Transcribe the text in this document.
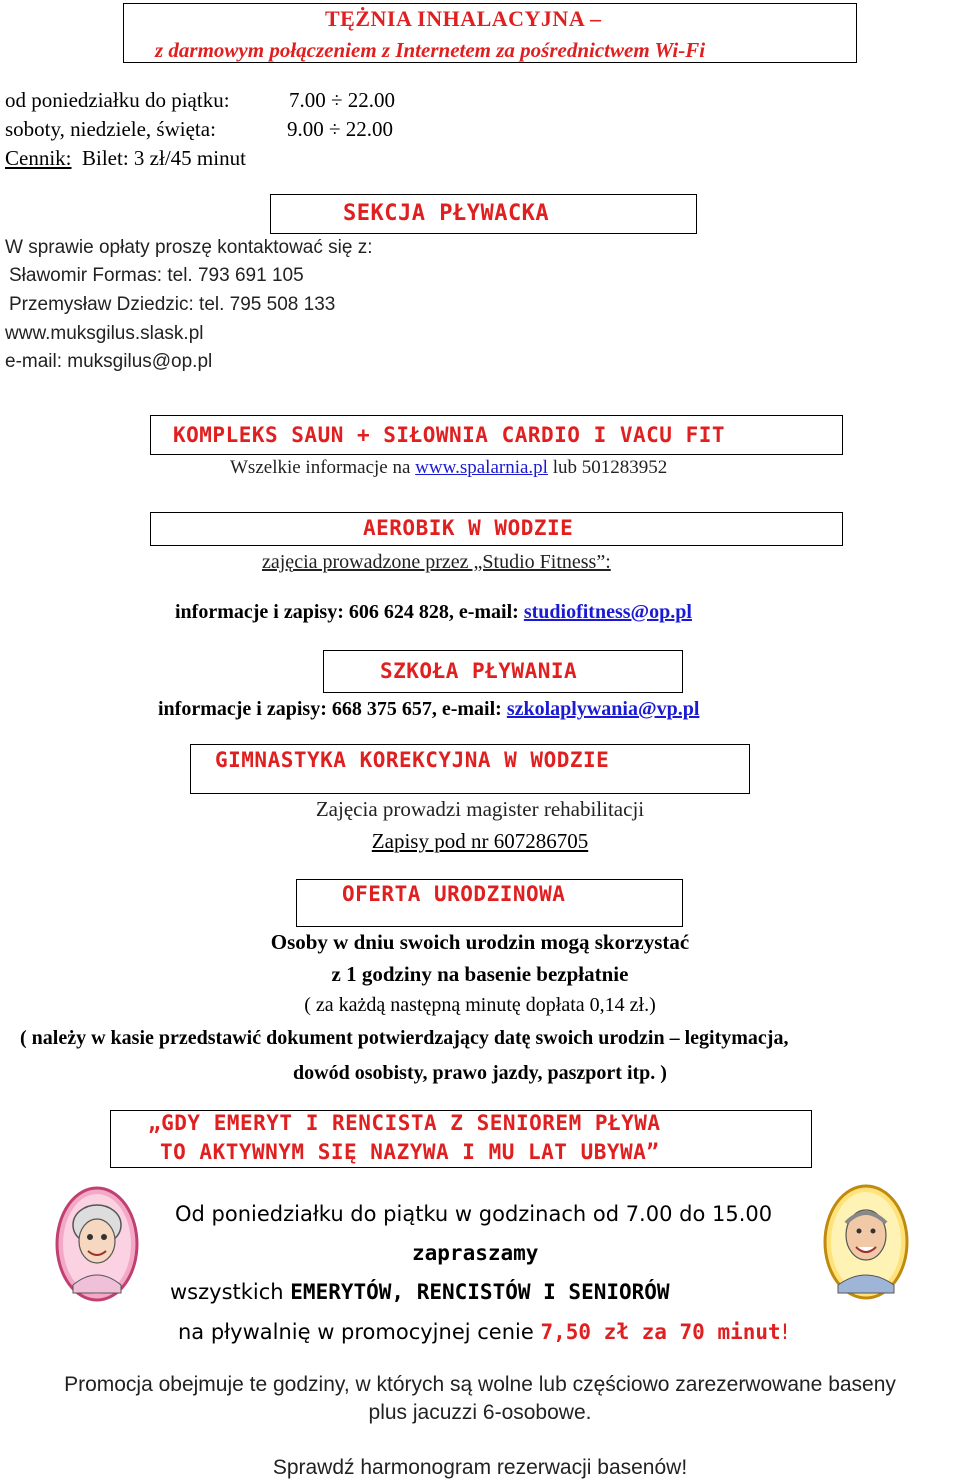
TĘŻNIA INHALACYJNA –
z darmowym połączeniem z Internetem za pośrednictwem Wi-Fi
od poniedziałku do piątku:	7.00 ÷ 22.00
soboty, niedziele, święta:	9.00 ÷ 22.00
Cennik: Bilet: 3 zł/45 minut
SEKCJA PŁYWACKA
W sprawie opłaty proszę kontaktować się z:
Sławomir Formas: tel. 793 691 105
Przemysław Dziedzic: tel. 795 508 133
www.muksgilus.slask.pl
e-mail: muksgilus@op.pl
KOMPLEKS SAUN + SIŁOWNIA CARDIO I VACU FIT
Wszelkie informacje na www.spalarnia.pl lub 501283952
AEROBIK W WODZIE
zajęcia prowadzone przez „Studio Fitness”:
informacje i zapisy: 606 624 828, e-mail: studiofitness@op.pl
SZKOŁA PŁYWANIA
informacje i zapisy: 668 375 657, e-mail: szkolaplywania@vp.pl
GIMNASTYKA KOREKCYJNA W WODZIE
Zajęcia prowadzi magister rehabilitacji
Zapisy pod nr 607286705
OFERTA URODZINOWA
Osoby w dniu swoich urodzin mogą skorzystać
z 1 godziny na basenie bezpłatnie
( za każdą następną minutę dopłata 0,14 zł.)
( należy w kasie przedstawić dokument potwierdzający datę swoich urodzin – legitymacja,
dowód osobisty, prawo jazdy, paszport itp. )
„GDY EMERYT I RENCISTA Z SENIOREM PŁYWA
TO AKTYWNYM SIĘ NAZYWA I MU LAT UBYWA”
Od poniedziałku do piątku w godzinach od 7.00 do 15.00
zapraszamy
wszystkich EMERYTÓW, RENCISTÓW I SENIORÓW
na pływalnię w promocyjnej cenie 7,50 zł za 70 minut!
Promocja obejmuje te godziny, w których są wolne lub częściowo zarezerwowane baseny
plus jacuzzi 6-osobowe.
Sprawdź harmonogram rezerwacji basenów!
